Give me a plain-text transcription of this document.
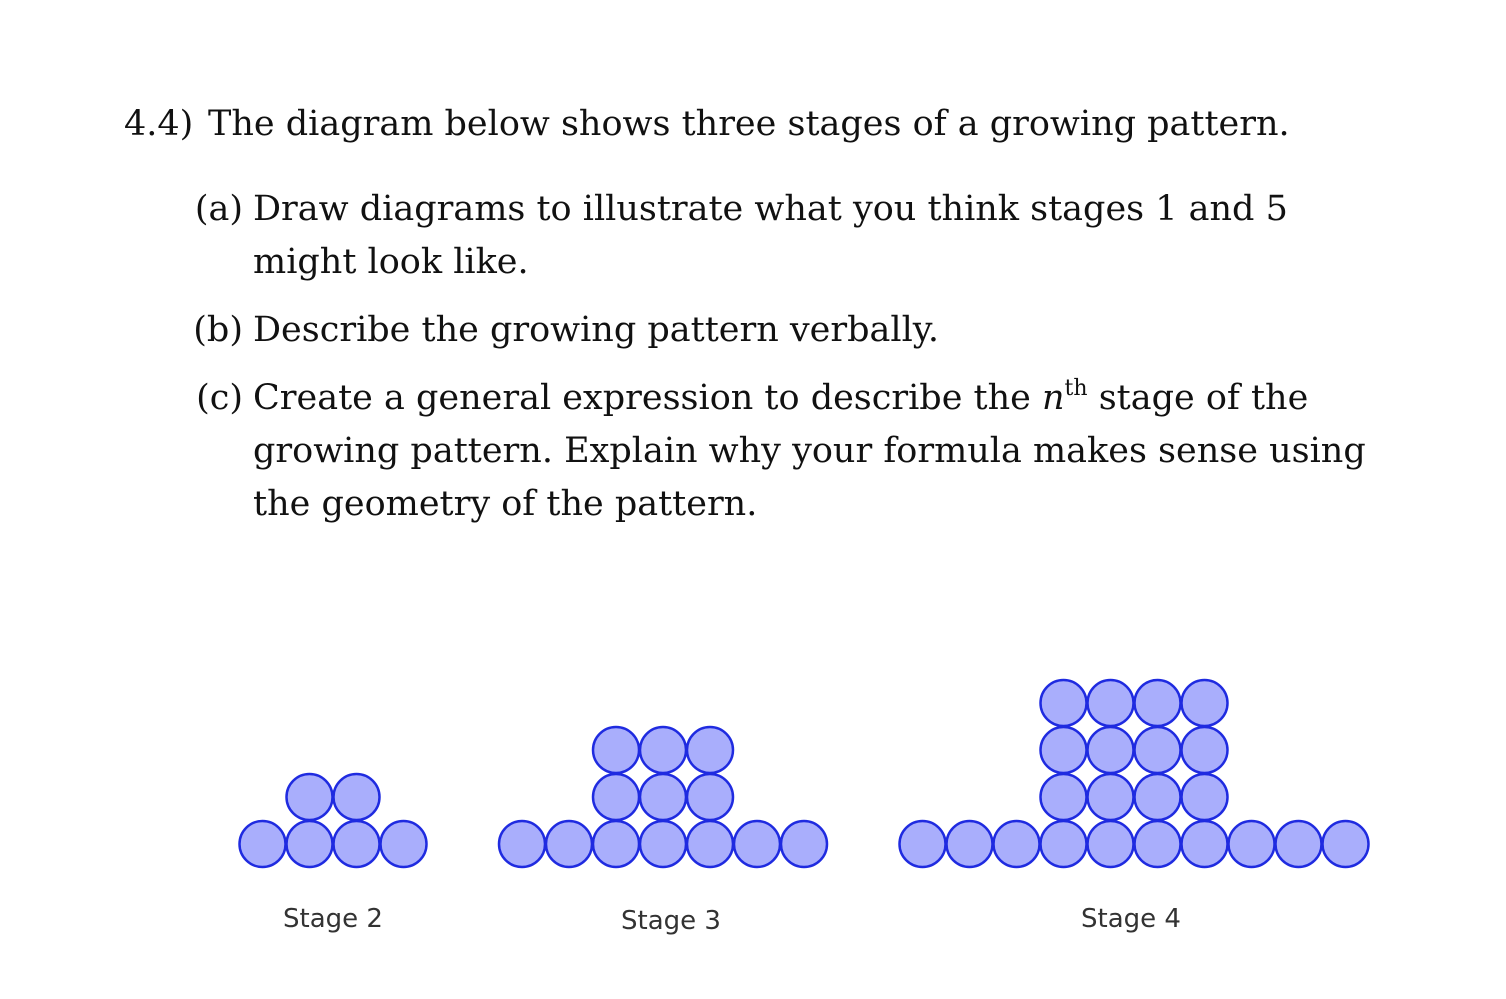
4.4) The diagram below shows three stages of a growing pattern.
(a) Draw diagrams to illustrate what you think stages 1 and 5 might look like.
(b) Describe the growing pattern verbally.
(c) Create a general expression to describe the $n^{th}$ stage of the growing pattern. Explain why your formula makes sense using the geometry of the pattern.
Stage 2	Stage 3	Stage 4
